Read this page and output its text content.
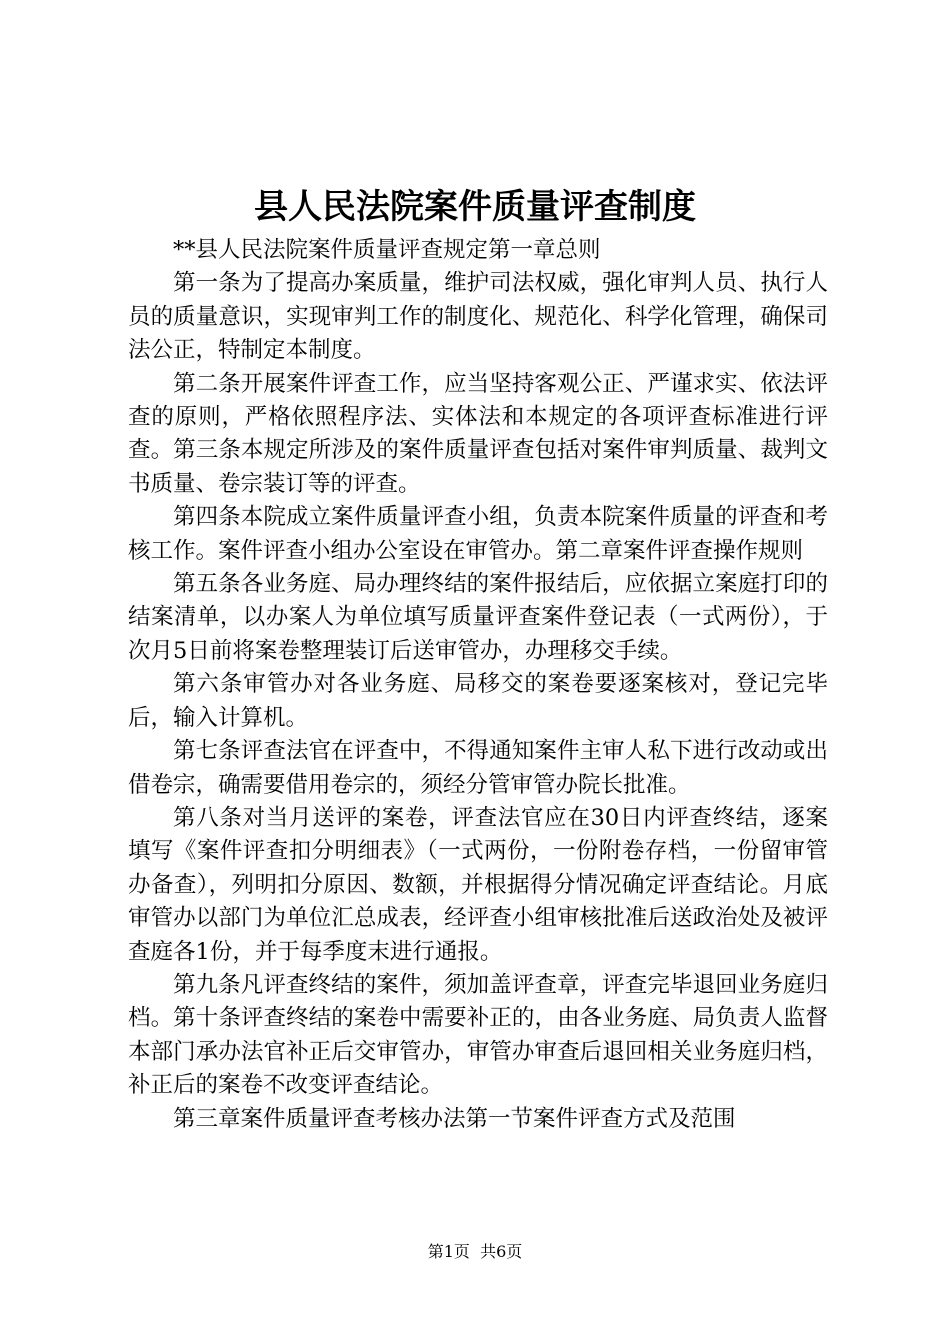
县人民法院案件质量评查制度

**县人民法院案件质量评查规定第一章总则

第一条为了提高办案质量，维护司法权威，强化审判人员、执行人员的质量意识，实现审判工作的制度化、规范化、科学化管理，确保司法公正，特制定本制度。

第二条开展案件评查工作，应当坚持客观公正、严谨求实、依法评查的原则，严格依照程序法、实体法和本规定的各项评查标准进行评查。第三条本规定所涉及的案件质量评查包括对案件审判质量、裁判文书质量、卷宗装订等的评查。

第四条本院成立案件质量评查小组，负责本院案件质量的评查和考核工作。案件评查小组办公室设在审管办。第二章案件评查操作规则

第五条各业务庭、局办理终结的案件报结后，应依据立案庭打印的结案清单，以办案人为单位填写质量评查案件登记表（一式两份），于次月5日前将案卷整理装订后送审管办，办理移交手续。

第六条审管办对各业务庭、局移交的案卷要逐案核对，登记完毕后，输入计算机。

第七条评查法官在评查中，不得通知案件主审人私下进行改动或出借卷宗，确需要借用卷宗的，须经分管审管办院长批准。

第八条对当月送评的案卷，评查法官应在30日内评查终结，逐案填写《案件评查扣分明细表》（一式两份，一份附卷存档，一份留审管办备查），列明扣分原因、数额，并根据得分情况确定评查结论。月底审管办以部门为单位汇总成表，经评查小组审核批准后送政治处及被评查庭各1份，并于每季度末进行通报。

第九条凡评查终结的案件，须加盖评查章，评查完毕退回业务庭归档。第十条评查终结的案卷中需要补正的，由各业务庭、局负责人监督本部门承办法官补正后交审管办，审管办审查后退回相关业务庭归档，补正后的案卷不改变评查结论。

第三章案件质量评查考核办法第一节案件评查方式及范围

第1页 共6页
